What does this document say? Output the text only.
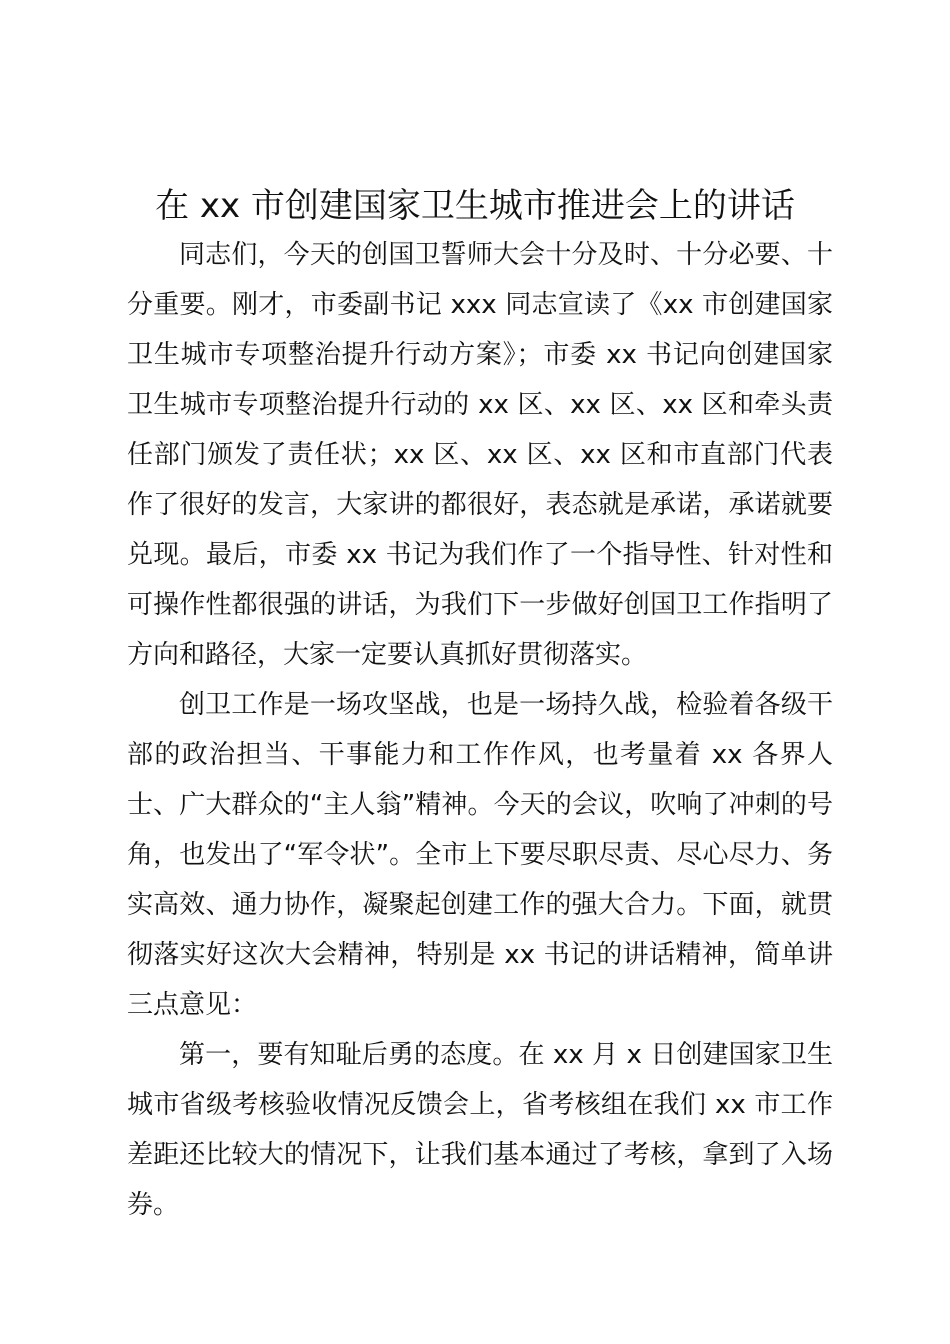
在 xx 市创建国家卫生城市推进会上的讲话

同志们，今天的创国卫誓师大会十分及时、十分必要、十分重要。刚才，市委副书记 xxx 同志宣读了《xx 市创建国家卫生城市专项整治提升行动方案》；市委 xx 书记向创建国家卫生城市专项整治提升行动的 xx 区、xx 区、xx 区和牵头责任部门颁发了责任状；xx 区、xx 区、xx 区和市直部门代表作了很好的发言，大家讲的都很好，表态就是承诺，承诺就要兑现。最后，市委 xx 书记为我们作了一个指导性、针对性和可操作性都很强的讲话，为我们下一步做好创国卫工作指明了方向和路径，大家一定要认真抓好贯彻落实。

创卫工作是一场攻坚战，也是一场持久战，检验着各级干部的政治担当、干事能力和工作作风，也考量着 xx 各界人士、广大群众的“主人翁”精神。今天的会议，吹响了冲刺的号角，也发出了“军令状”。全市上下要尽职尽责、尽心尽力、务实高效、通力协作，凝聚起创建工作的强大合力。下面，就贯彻落实好这次大会精神，特别是 xx 书记的讲话精神，简单讲三点意见：

第一，要有知耻后勇的态度。在 xx 月 x 日创建国家卫生城市省级考核验收情况反馈会上，省考核组在我们 xx 市工作差距还比较大的情况下，让我们基本通过了考核，拿到了入场券。
